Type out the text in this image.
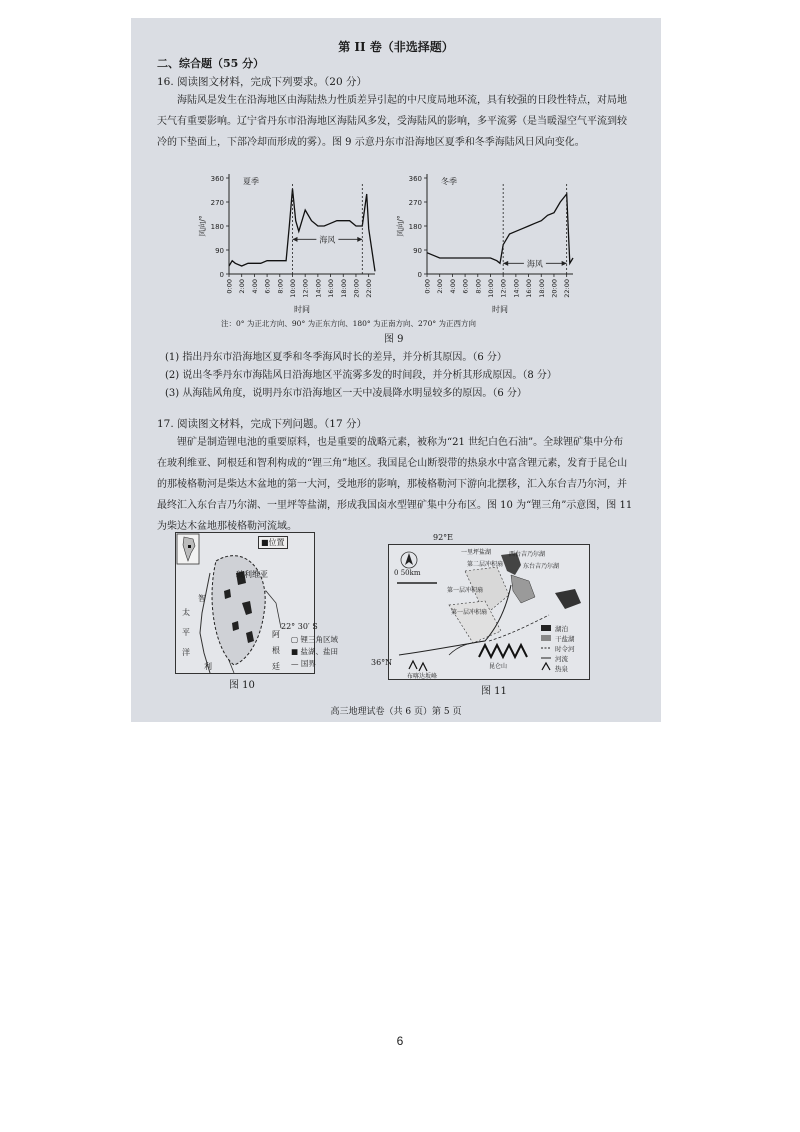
第 II 卷（非选择题）
二、综合题（55 分）
16. 阅读图文材料，完成下列要求。（20 分）
海陆风是发生在沿海地区由海陆热力性质差异引起的中尺度局地环流，具有较强的日段性特点，对局地天气有重要影响。辽宁省丹东市沿海地区海陆风多发，受海陆风的影响，多平流雾（是当暖湿空气平流到较冷的下垫面上，下部冷却而形成的雾）。图 9 示意丹东市沿海地区夏季和冬季海陆风日风向变化。
0
90
180
270
360
0:00 2:00 4:00 6:00 8:00 10:00 12:00 14:00 16:00 18:00 20:00 22:00
夏季
风向/°
时间
海风
0
90
180
270
360
0:00 2:00 4:00 6:00 8:00 10:00 12:00 14:00 16:00 18:00 20:00 22:00
冬季
风向/°
时间
海风
注：0° 为正北方向、90° 为正东方向、180° 为正南方向、270° 为正西方向
图 9
(1) 指出丹东市沿海地区夏季和冬季海风时长的差异，并分析其原因。（6 分）
(2) 说出冬季丹东市海陆风日沿海地区平流雾多发的时间段，并分析其形成原因。（8 分）
(3) 从海陆风角度，说明丹东市沿海地区一天中凌晨降水明显较多的原因。（6 分）
17. 阅读图文材料，完成下列问题。（17 分）
锂矿是制造锂电池的重要原料，也是重要的战略元素，被称为“21 世纪白色石油”。全球锂矿集中分布在玻利维亚、阿根廷和智利构成的“锂三角”地区。我国昆仑山断裂带的热泉水中富含锂元素，发育于昆仑山的那棱格勒河是柴达木盆地的第一大河，受地形的影响，那棱格勒河下游向北摆移，汇入东台吉乃尔河，并最终汇入东台吉乃尔湖、一里坪等盐湖，形成我国卤水型锂矿集中分布区。图 10 为“锂三角”示意图，图 11 为柴达木盆地那棱格勒河流域。
■位置
玻利维亚
智
阿
根
廷
太
平
洋
利
22° 30′ S
▢ 锂三角区域
■ 盐湖、盐田
— 国界
图 10
92°E
0 50km
一里坪盐湖	西台吉乃尔湖
东台吉乃尔湖
第二层冲积扇
第一层冲积扇
第一层冲积扇
昆仑山
布喀达坂峰
湖泊
干盐湖
时令河
河流
热泉
36°N
图 11
高三地理试卷（共 6 页）第 5 页
6
